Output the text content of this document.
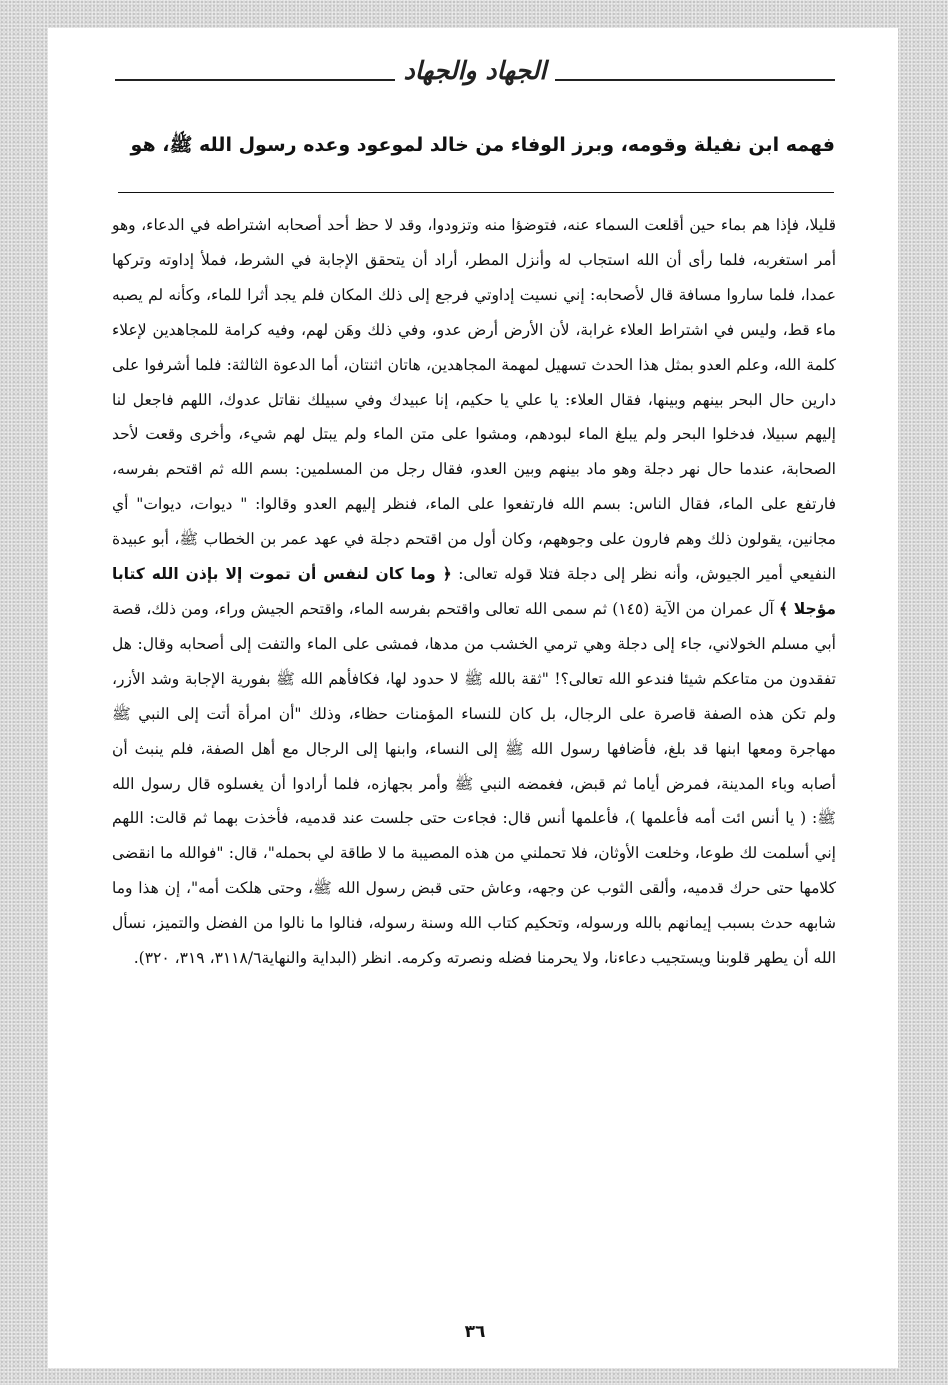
الجهاد والجهاد

فهمه ابن نفيلة وقومه، وبرز الوفاء من خالد لموعود وعده رسول الله ﷺ، هو

قليلا، فإذا هم بماء حين أقلعت السماء عنه، فتوضؤا منه وتزودوا، وقد لا حظ أحد أصحابه اشتراطه في الدعاء، وهو أمر استغربه، فلما رأى أن الله استجاب له وأنزل المطر، أراد أن يتحقق الإجابة في الشرط، فملأ إداوته وتركها عمدا، فلما ساروا مسافة قال لأصحابه: إني نسيت إداوتي فرجع إلى ذلك المكان فلم يجد أثرا للماء، وكأنه لم يصبه ماء قط، وليس في اشتراط العلاء غرابة، لأن الأرض أرض عدو، وفي ذلك وهَن لهم، وفيه كرامة للمجاهدين لإعلاء كلمة الله، وعلم العدو بمثل هذا الحدث تسهيل لمهمة المجاهدين، هاتان اثنتان، أما الدعوة الثالثة: فلما أشرفوا على دارين حال البحر بينهم وبينها، فقال العلاء: يا علي يا حكيم، إنا عبيدك وفي سبيلك نقاتل عدوك، اللهم فاجعل لنا إليهم سبيلا، فدخلوا البحر ولم يبلغ الماء لبودهم، ومشوا على متن الماء ولم يبتل لهم شيء، وأخرى وقعت لأحد الصحابة، عندما حال نهر دجلة وهو ماد بينهم وبين العدو، فقال رجل من المسلمين: بسم الله ثم اقتحم بفرسه، فارتفع على الماء، فقال الناس: بسم الله فارتفعوا على الماء، فنظر إليهم العدو وقالوا: " ديوات، ديوات" أي مجانين، يقولون ذلك وهم فارون على وجوههم، وكان أول من اقتحم دجلة في عهد عمر بن الخطاب ﷺ، أبو عبيدة النفيعي أمير الجيوش، وأنه نظر إلى دجلة فتلا قوله تعالى: ﴿ وما كان لنفس أن تموت إلا بإذن الله كتابا مؤجلا ﴾ آل عمران من الآية (١٤٥) ثم سمى الله تعالى واقتحم بفرسه الماء، واقتحم الجيش وراء، ومن ذلك، قصة أبي مسلم الخولاني، جاء إلى دجلة وهي ترمي الخشب من مدها، فمشى على الماء والتفت إلى أصحابه وقال: هل تفقدون من متاعكم شيئا فندعو الله تعالى؟! "ثقة بالله ﷺ لا حدود لها، فكافأهم الله ﷺ بفورية الإجابة وشد الأزر، ولم تكن هذه الصفة قاصرة على الرجال، بل كان للنساء المؤمنات حظاء، وذلك "أن امرأة أتت إلى النبي ﷺ مهاجرة ومعها ابنها قد بلغ، فأضافها رسول الله ﷺ إلى النساء، وابنها إلى الرجال مع أهل الصفة، فلم ينبث أن أصابه وباء المدينة، فمرض أياما ثم قبض، فغمضه النبي ﷺ وأمر بجهازه، فلما أرادوا أن يغسلوه قال رسول الله ﷺ: ( يا أنس ائت أمه فأعلمها )، فأعلمها أنس قال: فجاءت حتى جلست عند قدميه، فأخذت بهما ثم قالت: اللهم إني أسلمت لك طوعا، وخلعت الأوثان، فلا تحملني من هذه المصيبة ما لا طاقة لي بحمله"، قال: "فوالله ما انقضى كلامها حتى حرك قدميه، وألقى الثوب عن وجهه، وعاش حتى قبض رسول الله ﷺ، وحتى هلكت أمه"، إن هذا وما شابهه حدث بسبب إيمانهم بالله ورسوله، وتحكيم كتاب الله وسنة رسوله، فنالوا ما نالوا من الفضل والتميز، نسأل الله أن يطهر قلوبنا ويستجيب دعاءنا، ولا يحرمنا فضله ونصرته وكرمه. انظر (البداية والنهاية٣١١٨/٦، ٣١٩، ٣٢٠).

٣٦
